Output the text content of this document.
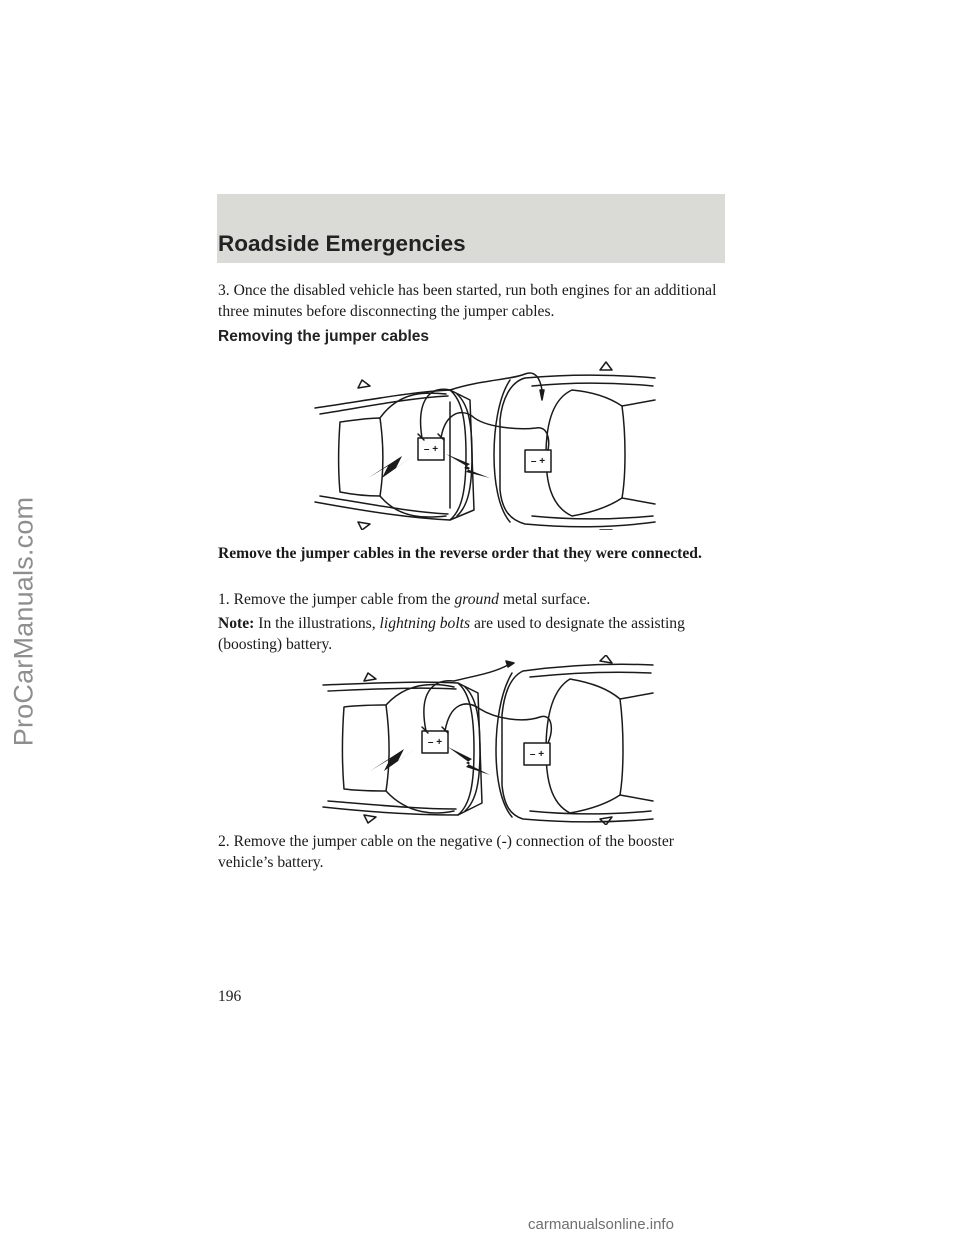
ProCarManuals.com
Roadside Emergencies

3. Once the disabled vehicle has been started, run both engines for an additional three minutes before disconnecting the jumper cables.

Removing the jumper cables
– +
– +

Remove the jumper cables in the reverse order that they were connected.

1. Remove the jumper cable from the ground metal surface.

Note: In the illustrations, lightning bolts are used to designate the assisting (boosting) battery.

– +
– +

2. Remove the jumper cable on the negative (-) connection of the booster vehicle’s battery.

196
carmanualsonline.info
